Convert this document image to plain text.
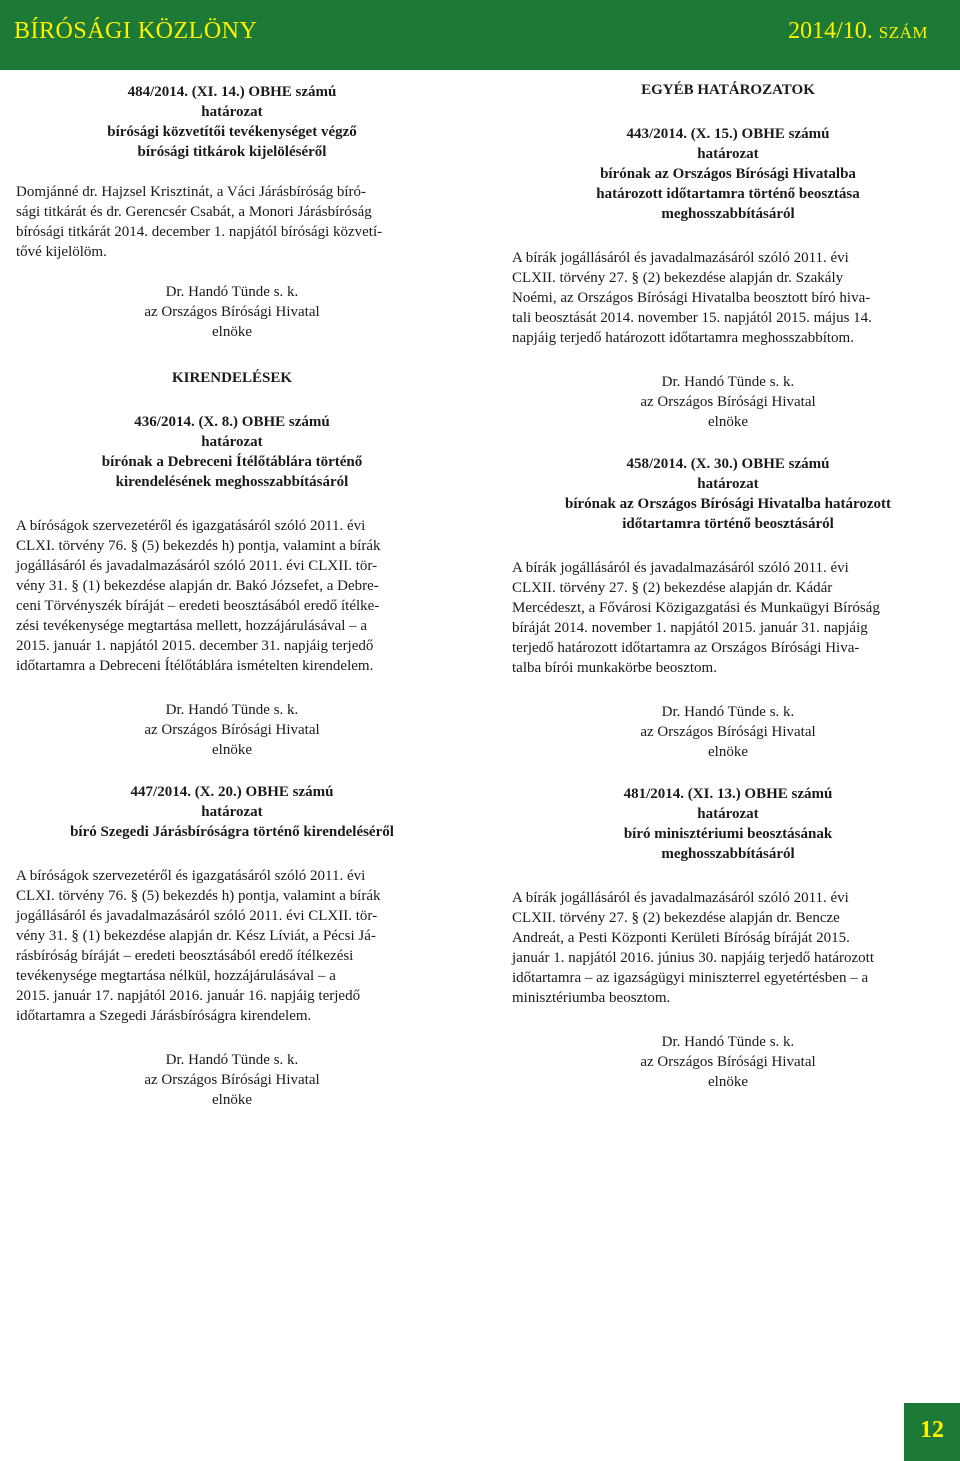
BÍRÓSÁGI KÖZLÖNY	2014/10. SZÁM
484/2014. (XI. 14.) OBHE számú
határozat
bírósági közvetítői tevékenységet végző
bírósági titkárok kijelöléséről

Domjánné dr. Hajzsel Krisztinát, a Váci Járásbíróság bíró-

sági titkárát és dr. Gerencsér Csabát, a Monori Járásbíróság

bírósági titkárát 2014. december 1. napjától bírósági közvetí-

tővé kijelölöm.

Dr. Handó Tünde s. k.
az Országos Bírósági Hivatal
elnöke
KIRENDELÉSEK
436/2014. (X. 8.) OBHE számú
határozat
bírónak a Debreceni Ítélőtáblára történő
kirendelésének meghosszabbításáról

A bíróságok szervezetéről és igazgatásáról szóló 2011. évi

CLXI. törvény 76. § (5) bekezdés h) pontja, valamint a bírák

jogállásáról és javadalmazásáról szóló 2011. évi CLXII. tör-

vény 31. § (1) bekezdése alapján dr. Bakó Józsefet, a Debre-

ceni Törvényszék bíráját – eredeti beosztásából eredő ítélke-

zési tevékenysége megtartása mellett, hozzájárulásával – a

2015. január 1. napjától 2015. december 31. napjáig terjedő

időtartamra a Debreceni Ítélőtáblára ismételten kirendelem.

Dr. Handó Tünde s. k.
az Országos Bírósági Hivatal
elnöke
447/2014. (X. 20.) OBHE számú
határozat
bíró Szegedi Járásbíróságra történő kirendeléséről

A bíróságok szervezetéről és igazgatásáról szóló 2011. évi

CLXI. törvény 76. § (5) bekezdés h) pontja, valamint a bírák

jogállásáról és javadalmazásáról szóló 2011. évi CLXII. tör-

vény 31. § (1) bekezdése alapján dr. Kész Líviát, a Pécsi Já-

rásbíróság bíráját – eredeti beosztásából eredő ítélkezési

tevékenysége megtartása nélkül, hozzájárulásával – a

2015. január 17. napjától 2016. január 16. napjáig terjedő

időtartamra a Szegedi Járásbíróságra kirendelem.

Dr. Handó Tünde s. k.
az Országos Bírósági Hivatal
elnöke
EGYÉB HATÁROZATOK
443/2014. (X. 15.) OBHE számú
határozat
bírónak az Országos Bírósági Hivatalba
határozott időtartamra történő beosztása
meghosszabbításáról

A bírák jogállásáról és javadalmazásáról szóló 2011. évi

CLXII. törvény 27. § (2) bekezdése alapján dr. Szakály

Noémi, az Országos Bírósági Hivatalba beosztott bíró hiva-

tali beosztását 2014. november 15. napjától 2015. május 14.

napjáig terjedő határozott időtartamra meghosszabbítom.

Dr. Handó Tünde s. k.
az Országos Bírósági Hivatal
elnöke
458/2014. (X. 30.) OBHE számú
határozat
bírónak az Országos Bírósági Hivatalba határozott
időtartamra történő beosztásáról

A bírák jogállásáról és javadalmazásáról szóló 2011. évi

CLXII. törvény 27. § (2) bekezdése alapján dr. Kádár

Mercédeszt, a Fővárosi Közigazgatási és Munkaügyi Bíróság

bíráját 2014. november 1. napjától 2015. január 31. napjáig

terjedő határozott időtartamra az Országos Bírósági Hiva-

talba bírói munkakörbe beosztom.

Dr. Handó Tünde s. k.
az Országos Bírósági Hivatal
elnöke
481/2014. (XI. 13.) OBHE számú
határozat
bíró minisztériumi beosztásának
meghosszabbításáról

A bírák jogállásáról és javadalmazásáról szóló 2011. évi

CLXII. törvény 27. § (2) bekezdése alapján dr. Bencze

Andreát, a Pesti Központi Kerületi Bíróság bíráját 2015.

január 1. napjától 2016. június 30. napjáig terjedő határozott

időtartamra – az igazságügyi miniszterrel egyetértésben – a

minisztériumba beosztom.

Dr. Handó Tünde s. k.
az Országos Bírósági Hivatal
elnöke
12
